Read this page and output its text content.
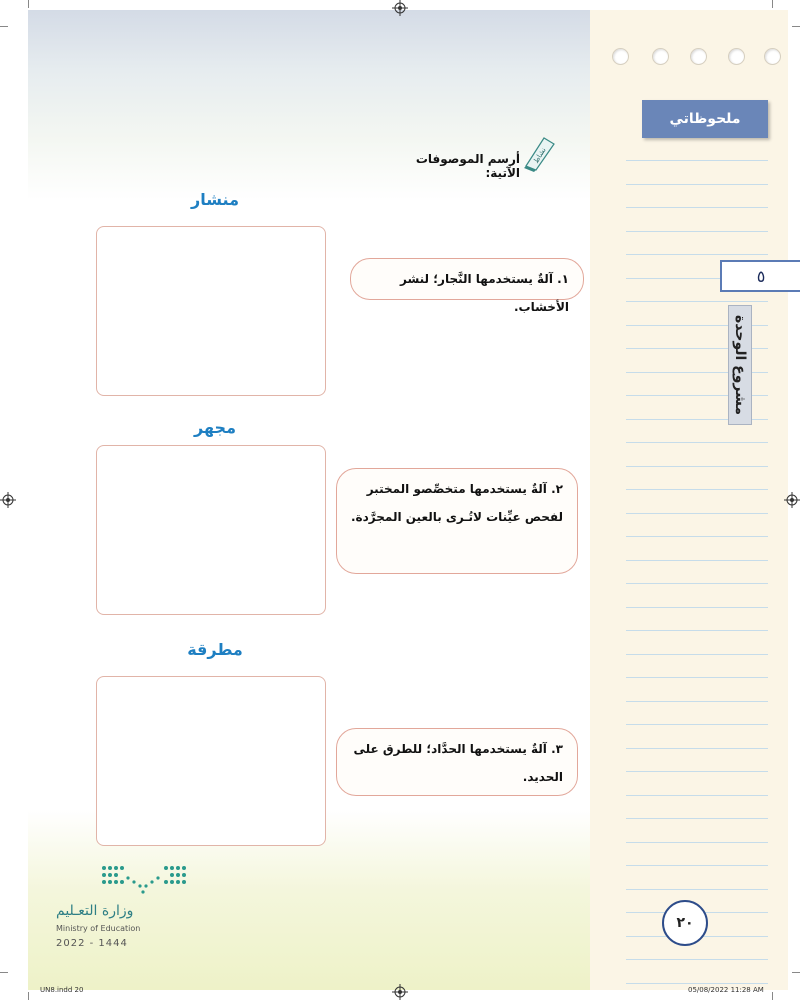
ملحوظاتي
٥
مشروع الوحدة
٢٠
أرسم الموصوفات الآتية:
نشاط
منشار
١. آلةٌ يستخدمها النَّجار؛ لنشر الأخشاب.
مجهر
٢. آلةٌ يستخدمها متخصِّصو المختبر لفحص عيِّنات لاتُـرى بالعين المجرَّدة.
مطرقة
٣. آلةٌ يستخدمها الحدَّاد؛ للطرق على الحديد.
وزارة التعـليم
Ministry of Education
2022 - 1444
UN8.indd 20	05/08/2022 11:28 AM
